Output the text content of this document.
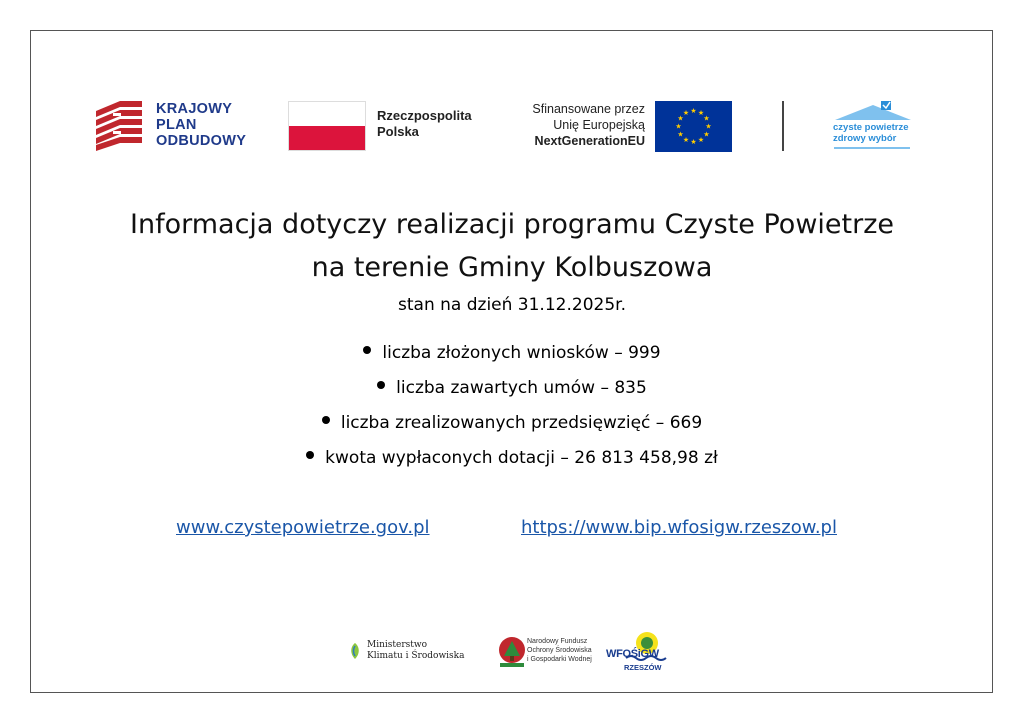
KRAJOWY
PLAN
ODBUDOWY
Rzeczpospolita
Polska
Sfinansowane przez
Unię Europejską
NextGenerationEU
★ ★
★
★
★
★
★
★
★
★
★
★
czyste powietrze
zdrowy wybór
Informacja dotyczy realizacji programu Czyste Powietrze
na terenie Gminy Kolbuszowa
stan na dzień 31.12.2025r.
liczba złożonych wniosków – 999
liczba zawartych umów – 835
liczba zrealizowanych przedsięwzięć – 669
kwota wypłaconych dotacji – 26 813 458,98 zł
www.czystepowietrze.gov.pl	https://www.bip.wfosigw.rzeszow.pl
Ministerstwo
Klimatu i Środowiska
Narodowy Fundusz
Ochrony Środowiska
i Gospodarki Wodnej WFOŚiGW
RZESZÓW
